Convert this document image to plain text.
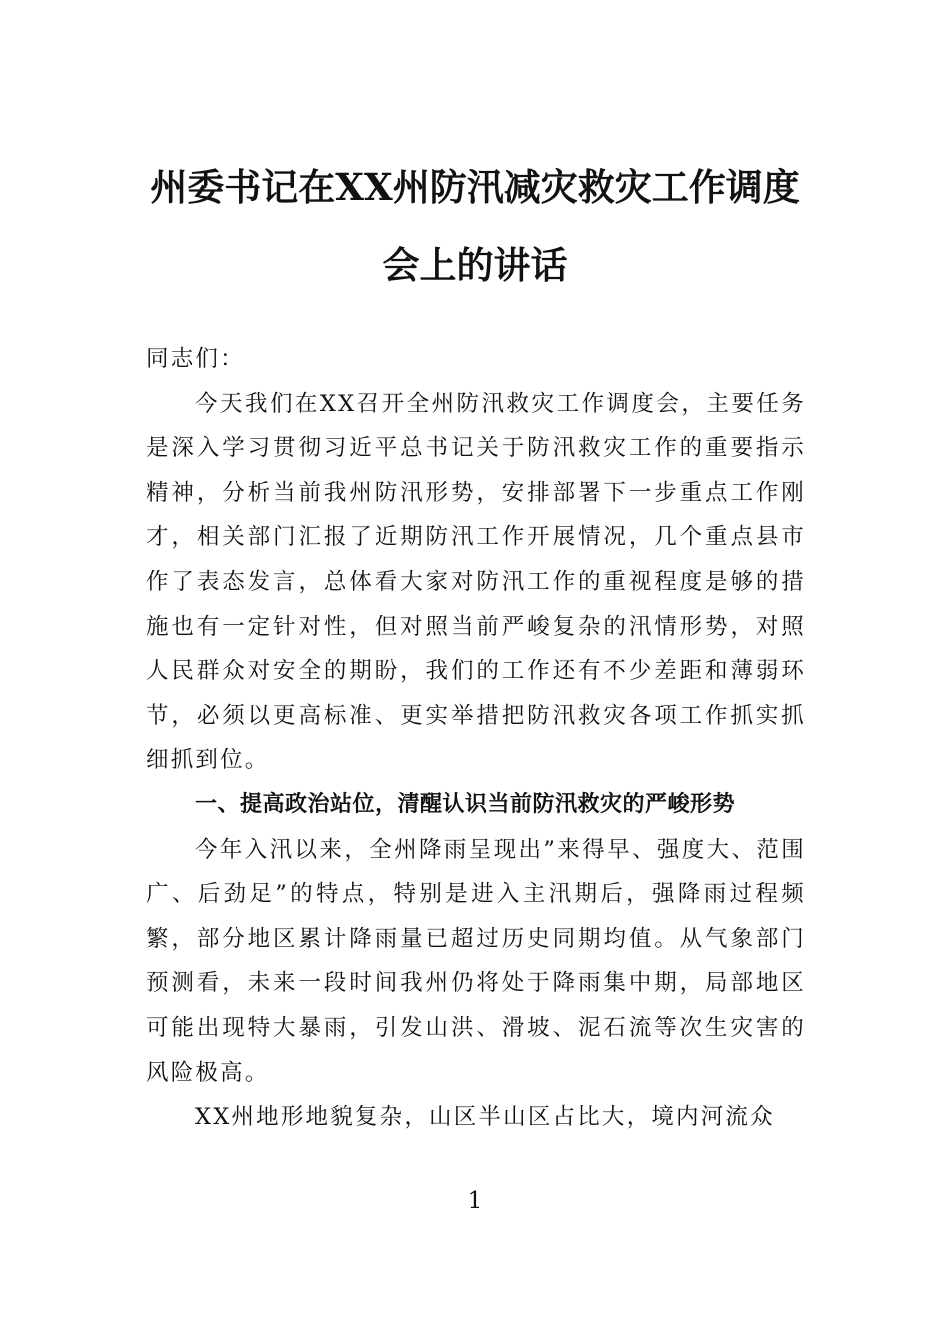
州委书记在XX州防汛减灾救灾工作调度会上的讲话

同志们：

今天我们在XX召开全州防汛救灾工作调度会，主要任务是深入学习贯彻习近平总书记关于防汛救灾工作的重要指示精神，分析当前我州防汛形势，安排部署下一步重点工作刚才，相关部门汇报了近期防汛工作开展情况，几个重点县市作了表态发言，总体看大家对防汛工作的重视程度是够的措施也有一定针对性，但对照当前严峻复杂的汛情形势，对照人民群众对安全的期盼，我们的工作还有不少差距和薄弱环节，必须以更高标准、更实举措把防汛救灾各项工作抓实抓细抓到位。

一、提高政治站位，清醒认识当前防汛救灾的严峻形势

今年入汛以来，全州降雨呈现出”来得早、强度大、范围广、后劲足”的特点，特别是进入主汛期后，强降雨过程频繁，部分地区累计降雨量已超过历史同期均值。从气象部门预测看，未来一段时间我州仍将处于降雨集中期，局部地区可能出现特大暴雨，引发山洪、滑坡、泥石流等次生灾害的风险极高。

XX州地形地貌复杂，山区半山区占比大，境内河流众

1
